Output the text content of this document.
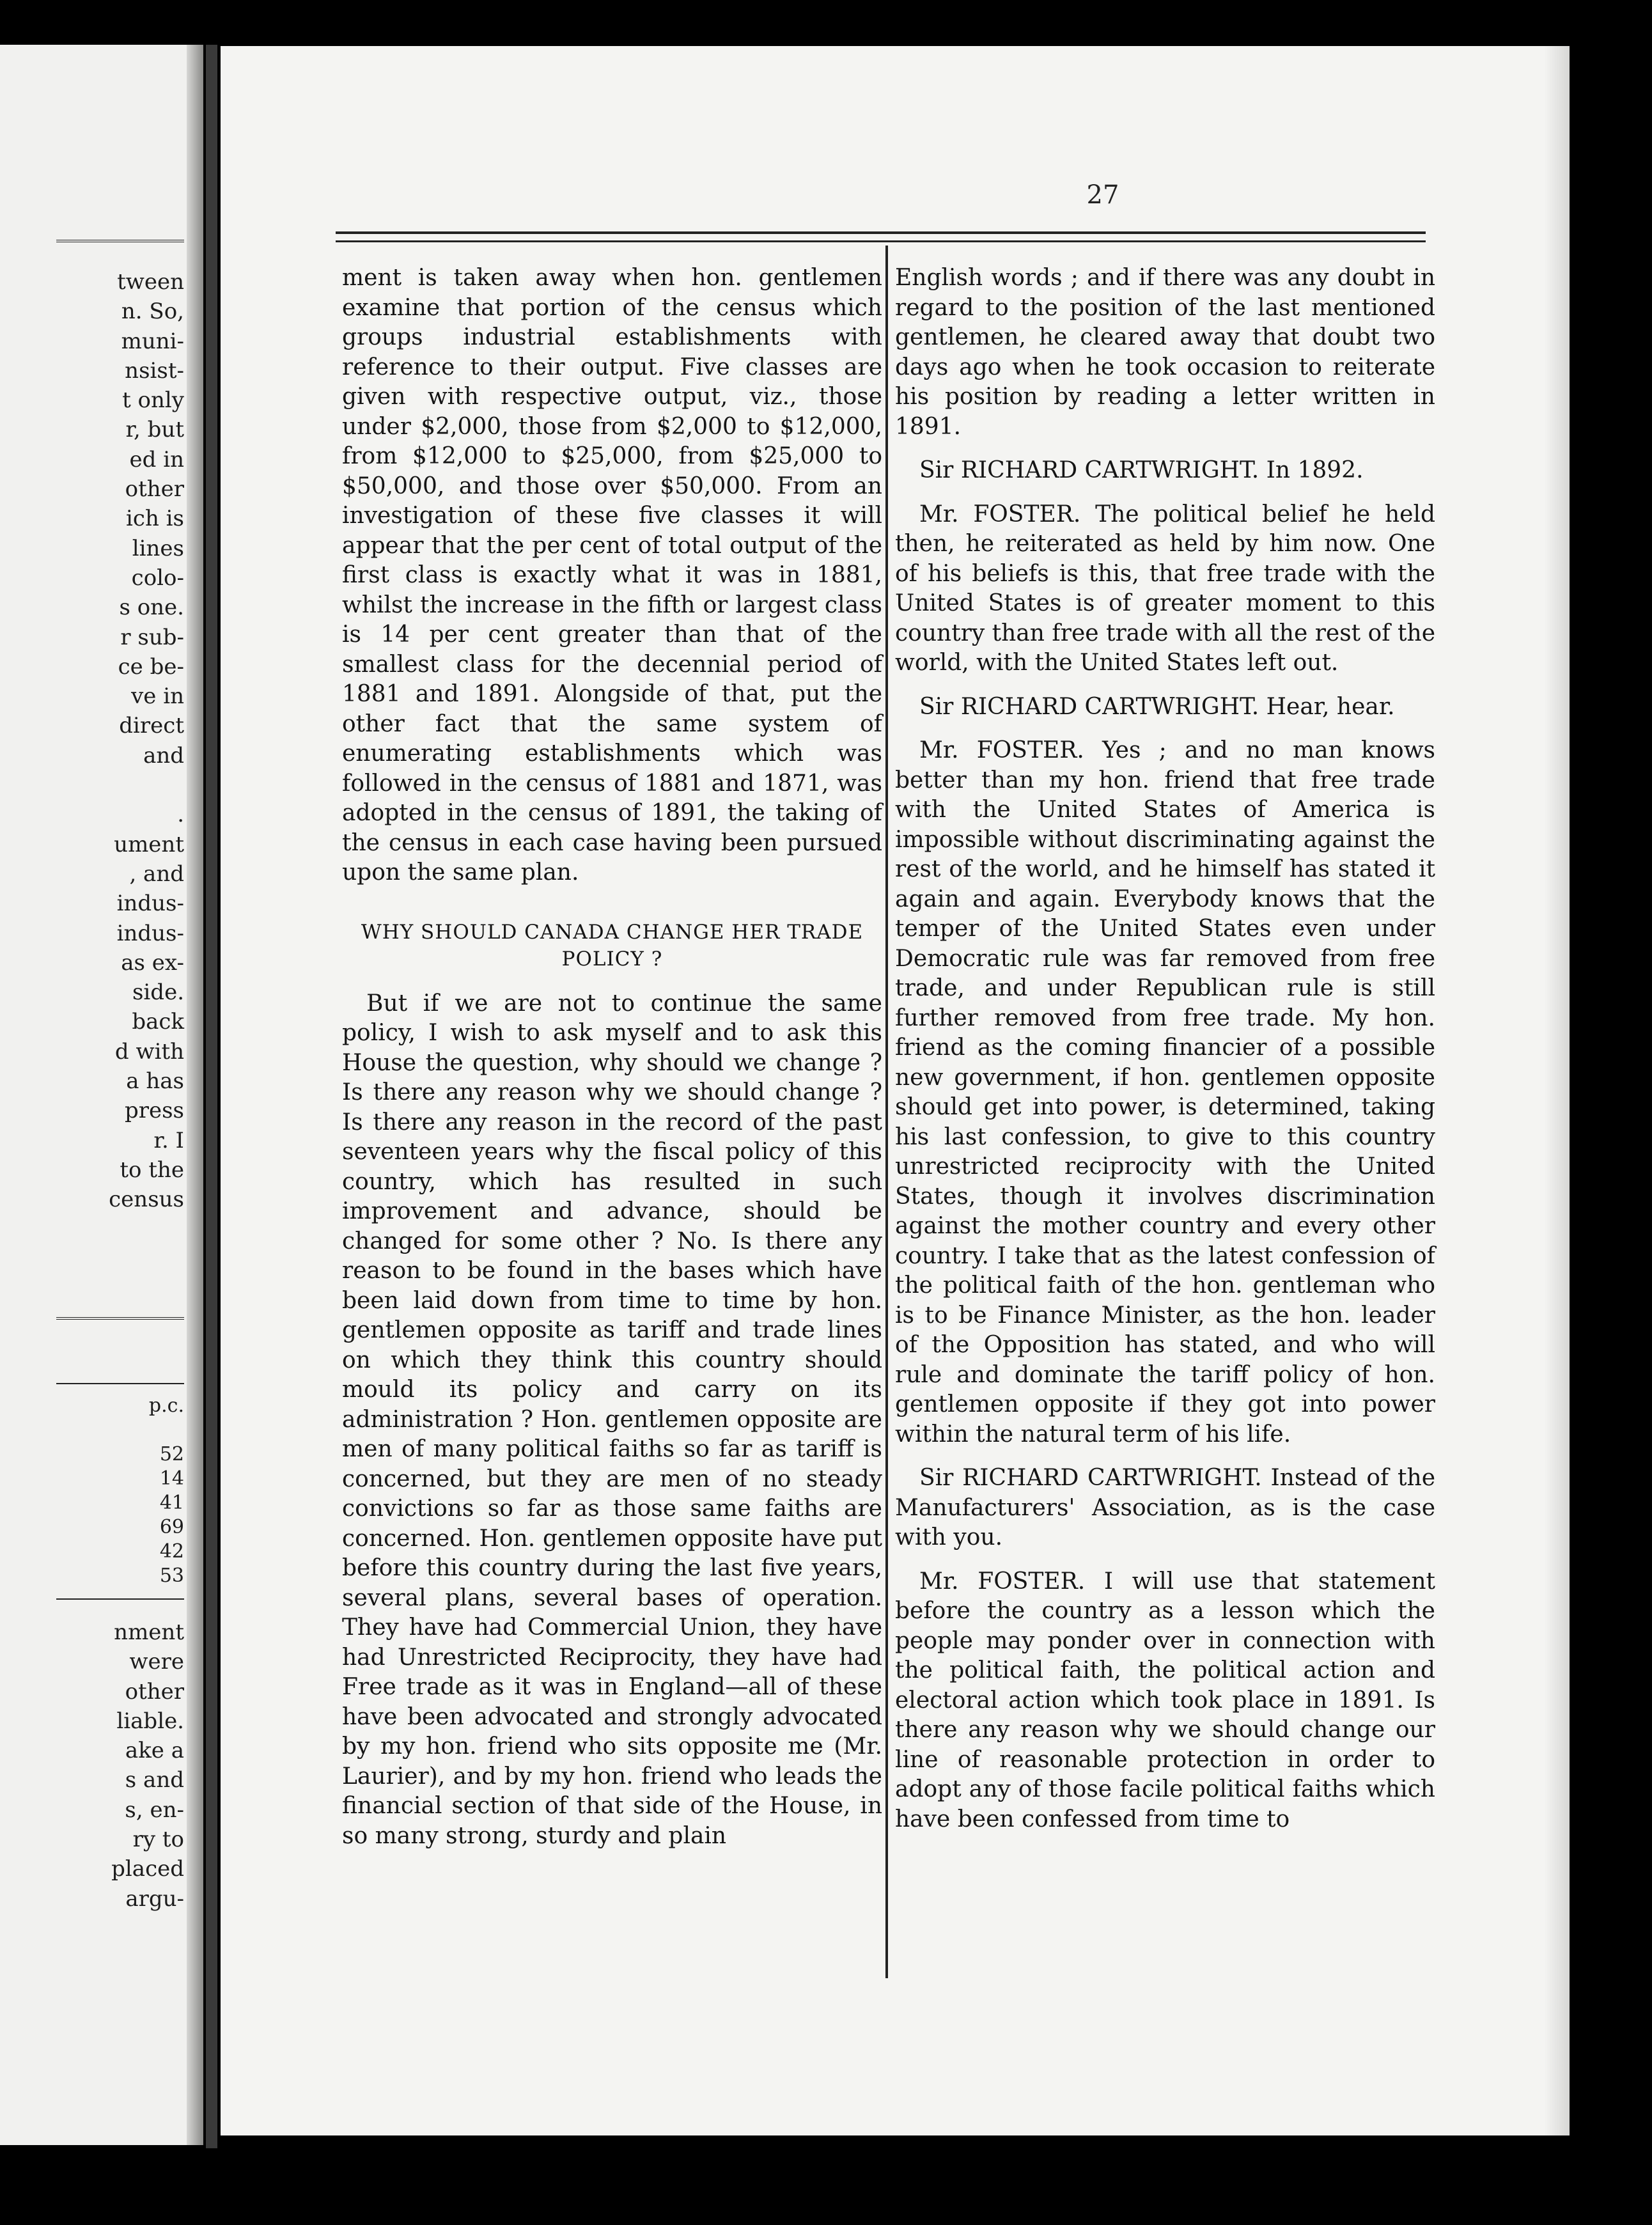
tween
n. So,
muni-
nsist-
t only
r, but
ed in
other
ich is
lines
colo-
s one.
r sub-
ce be-
ve in
direct
and

.
ument
, and
indus-
indus-
as ex-
side.
back
d with
a has
press
r. I
to the
census
p.c.

52
14
41
69
42
53
nment
were
other
liable.
ake a
s and
s, en-
ry to
placed
argu-
27

ment is taken away when hon. gentlemen examine that portion of the census which groups industrial establishments with reference to their output. Five classes are given with respective output, viz., those under $2,000, those from $2,000 to $12,000, from $12,000 to $25,000, from $25,000 to $50,000, and those over $50,000. From an investigation of these five classes it will appear that the per cent of total output of the first class is exactly what it was in 1881, whilst the increase in the fifth or largest class is 14 per cent greater than that of the smallest class for the decennial period of 1881 and 1891. Alongside of that, put the other fact that the same system of enumerating establishments which was followed in the census of 1881 and 1871, was adopted in the census of 1891, the taking of the census in each case having been pursued upon the same plan.

WHY SHOULD CANADA CHANGE HER TRADE POLICY ?

But if we are not to continue the same policy, I wish to ask myself and to ask this House the question, why should we change ? Is there any reason why we should change ? Is there any reason in the record of the past seventeen years why the fiscal policy of this country, which has resulted in such improvement and advance, should be changed for some other ? No. Is there any reason to be found in the bases which have been laid down from time to time by hon. gentlemen opposite as tariff and trade lines on which they think this country should mould its policy and carry on its administration ? Hon. gentlemen opposite are men of many political faiths so far as tariff is concerned, but they are men of no steady convictions so far as those same faiths are concerned. Hon. gentlemen opposite have put before this country during the last five years, several plans, several bases of operation. They have had Commercial Union, they have had Unrestricted Reciprocity, they have had Free trade as it was in England—all of these have been advocated and strongly advocated by my hon. friend who sits opposite me (Mr. Laurier), and by my hon. friend who leads the financial section of that side of the House, in so many strong, sturdy and plain

English words ; and if there was any doubt in regard to the position of the last mentioned gentlemen, he cleared away that doubt two days ago when he took occasion to reiterate his position by reading a letter written in 1891.

Sir RICHARD CARTWRIGHT. In 1892.

Mr. FOSTER. The political belief he held then, he reiterated as held by him now. One of his beliefs is this, that free trade with the United States is of greater moment to this country than free trade with all the rest of the world, with the United States left out.

Sir RICHARD CARTWRIGHT. Hear, hear.

Mr. FOSTER. Yes ; and no man knows better than my hon. friend that free trade with the United States of America is impossible without discriminating against the rest of the world, and he himself has stated it again and again. Everybody knows that the temper of the United States even under Democratic rule was far removed from free trade, and under Republican rule is still further removed from free trade. My hon. friend as the coming financier of a possible new government, if hon. gentlemen opposite should get into power, is determined, taking his last confession, to give to this country unrestricted reciprocity with the United States, though it involves discrimination against the mother country and every other country. I take that as the latest confession of the political faith of the hon. gentleman who is to be Finance Minister, as the hon. leader of the Opposition has stated, and who will rule and dominate the tariff policy of hon. gentlemen opposite if they got into power within the natural term of his life.

Sir RICHARD CARTWRIGHT. Instead of the Manufacturers' Association, as is the case with you.

Mr. FOSTER. I will use that statement before the country as a lesson which the people may ponder over in connection with the political faith, the political action and electoral action which took place in 1891. Is there any reason why we should change our line of reasonable protection in order to adopt any of those facile political faiths which have been confessed from time to
